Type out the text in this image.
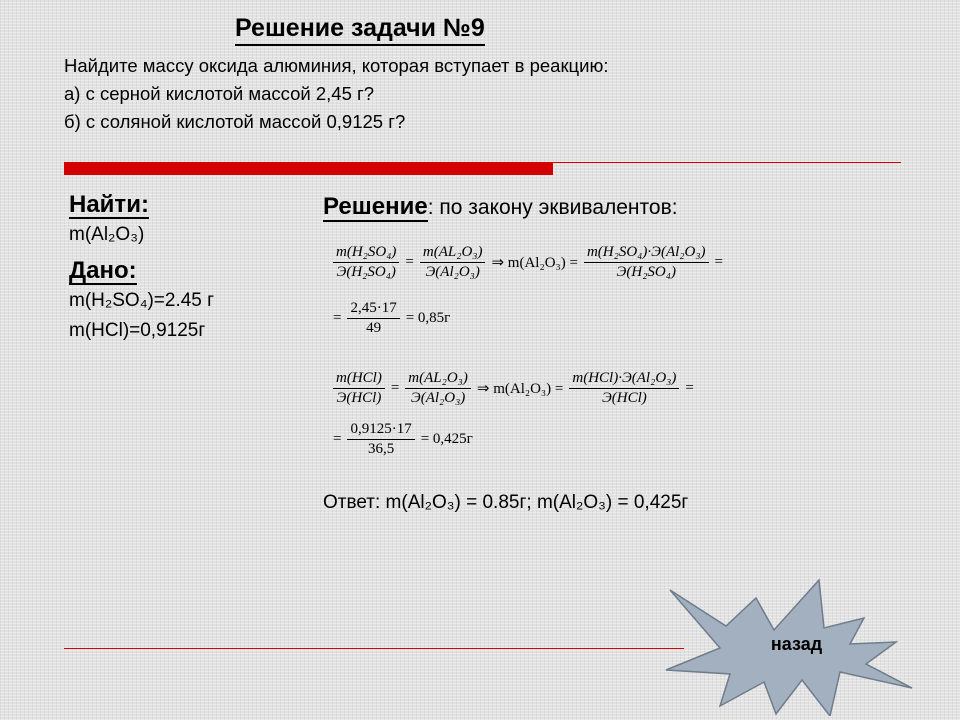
Решение задачи №9
Найдите массу оксида алюминия, которая вступает в реакцию:
а) с серной кислотой массой 2,45 г?
б) с соляной кислотой массой 0,9125 г?
Найти:
m(Al₂O₃)
Дано:
m(H₂SO₄)=2.45 г
m(HCl)=0,9125г
Решение: по закону эквивалентов:
$\frac{\text{m(H₂SO₄)}}{\text{Э(H₂SO₄)}} = \frac{\text{m(AL₂O₃)}}{\text{Э(Al₂O₃)}}$ ⇒ $m(Al_2O_3) = \frac{\text{m(H₂SO₄)·Э(Al₂O₃)}}{\text{Э(H₂SO₄)}}$ =
= $\frac{2,45\cdot 17}{49} = 0,85г$
$\frac{\text{m(HCl)}}{\text{Э(HCl)}} = \frac{\text{m(AL₂O₃)}}{\text{Э(Al₂O₃)}}$ ⇒ $m(Al_2O_3) = \frac{\text{m(HCl)·Э(Al₂O₃)}}{\text{Э(HCl)}}$ =
= $\frac{0,9125\cdot 17}{36,5} = 0,425г$
Ответ: m(Al₂O₃) = 0.85г; m(Al₂O₃) = 0,425г
назад
